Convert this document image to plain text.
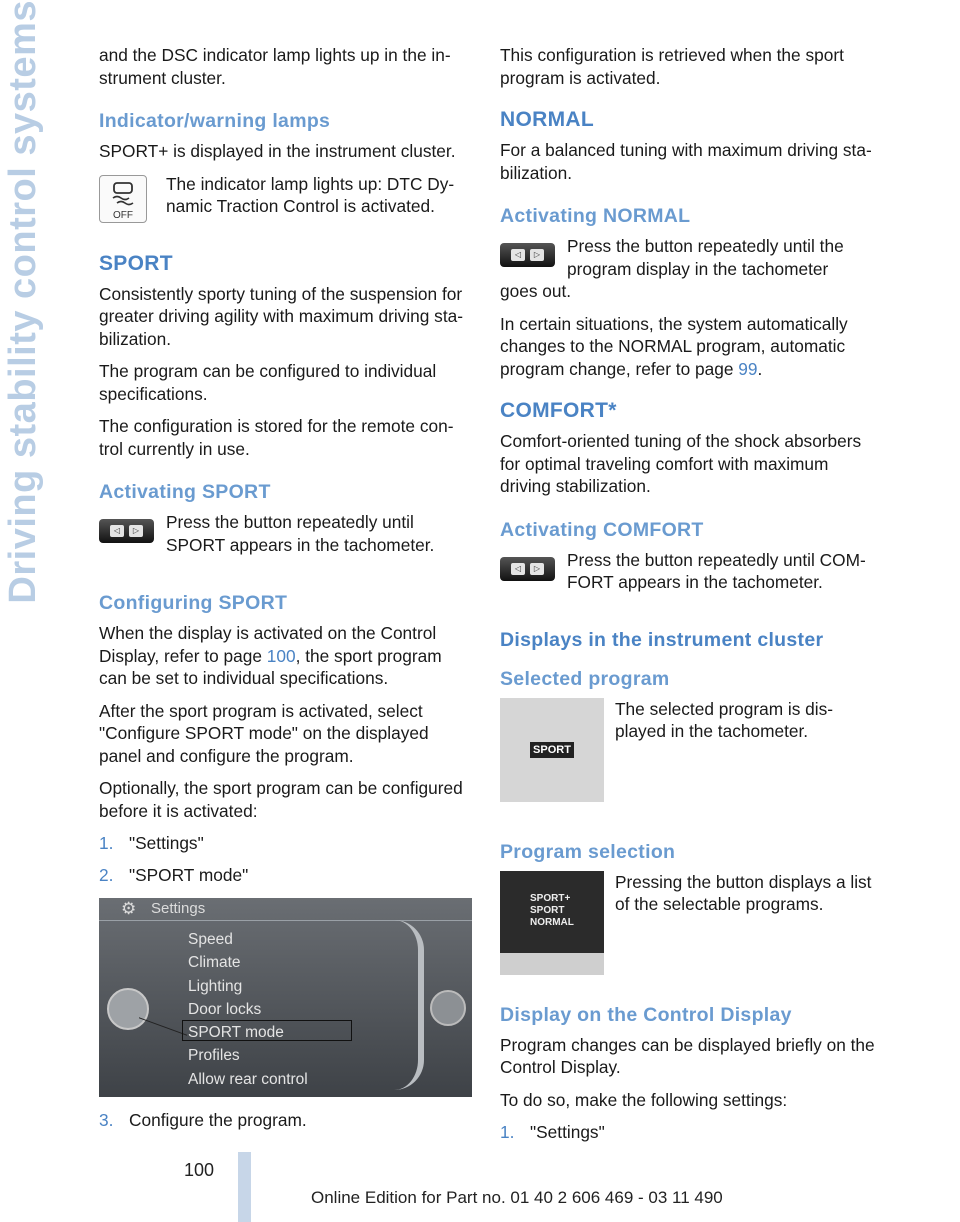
Driving stability control systems	and the DSC indicator lamp lights up in the in-strument cluster.

Indicator/warning lamps

SPORT+ is displayed in the instrument cluster.

OFF

The indicator lamp lights up: DTC Dy-namic Traction Control is activated.

SPORT

Consistently sporty tuning of the suspension for greater driving agility with maximum driving sta-bilization.

The program can be configured to individual specifications.

The configuration is stored for the remote con-trol currently in use.

Activating SPORT
◁	▷ Press the button repeatedly until SPORT appears in the tachometer.

Configuring SPORT

When the display is activated on the Control Display, refer to page 100, the sport program can be set to individual specifications.

After the sport program is activated, select "Configure SPORT mode" on the displayed panel and configure the program.

Optionally, the sport program can be configured before it is activated:

1. "Settings"
2. "SPORT mode"
⚙ Settings
Speed
Climate
Lighting
Door locks
SPORT mode
Profiles
Allow rear control
3. Configure the program.

This configuration is retrieved when the sport program is activated.

NORMAL

For a balanced tuning with maximum driving sta-bilization.

Activating NORMAL
◁	▷ Press the button repeatedly until the program display in the tachometer

goes out.

In certain situations, the system automatically changes to the NORMAL program, automatic program change, refer to page 99.

COMFORT*

Comfort-oriented tuning of the shock absorbers for optimal traveling comfort with maximum driving stabilization.

Activating COMFORT
◁	▷ Press the button repeatedly until COM-FORT appears in the tachometer.

Displays in the instrument cluster
Selected program
SPORT

The selected program is dis-played in the tachometer.

Program selection
SPORT+
SPORT
NORMAL

Pressing the button displays a list of the selectable programs.

Display on the Control Display

Program changes can be displayed briefly on the Control Display.

To do so, make the following settings:

1. "Settings"
100
Online Edition for Part no. 01 40 2 606 469 - 03 11 490
